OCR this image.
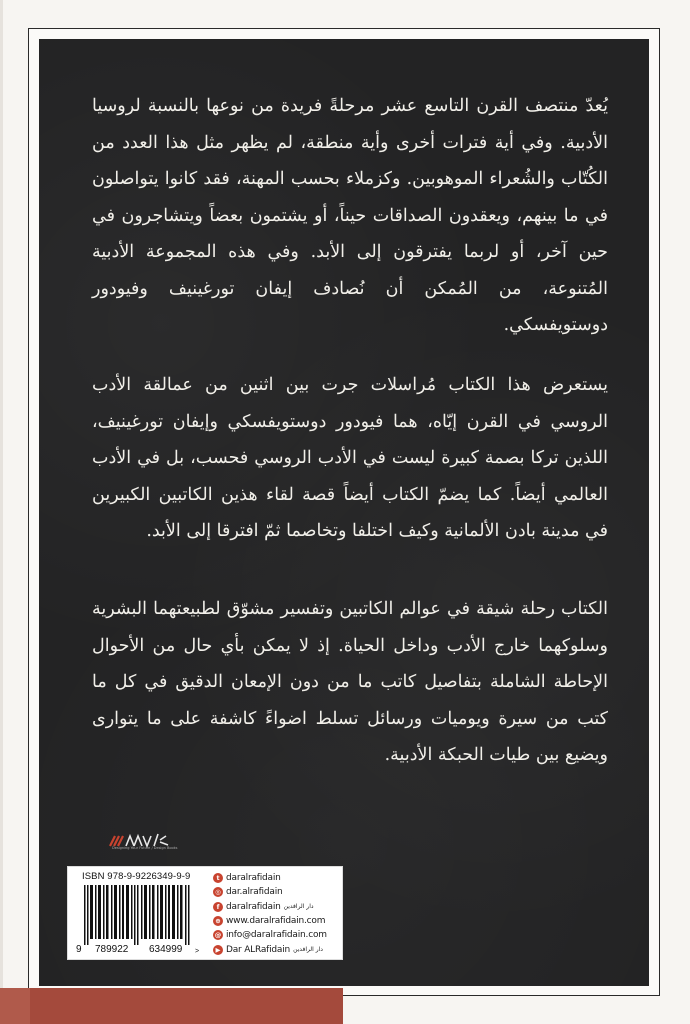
يُعدّ منتصف القرن التاسع عشر مرحلةً فريدة من نوعها بالنسبة لروسيا الأدبية. وفي أية فترات أخرى وأية منطقة، لم يظهر مثل هذا العدد من الكُتّاب والشُعراء الموهوبين. وكزملاء بحسب المهنة، فقد كانوا يتواصلون في ما بينهم، ويعقدون الصداقات حيناً، أو يشتمون بعضاً ويتشاجرون في حين آخر، أو لربما يفترقون إلى الأبد. وفي هذه المجموعة الأدبية المُتنوعة، من المُمكن أن نُصادف إيفان تورغينيف وفيودور دوستويفسكي.

يستعرض هذا الكتاب مُراسلات جرت بين اثنين من عمالقة الأدب الروسي في القرن إيّاه، هما فيودور دوستويفسكي وإيفان تورغينيف، اللذين تركا بصمة كبيرة ليست في الأدب الروسي فحسب، بل في الأدب العالمي أيضاً. كما يضمّ الكتاب أيضاً قصة لقاء هذين الكاتبين الكبيرين في مدينة بادن الألمانية وكيف اختلفا وتخاصما ثمّ افترقا إلى الأبد.

الكتاب رحلة شيقة في عوالم الكاتبين وتفسير مشوّق لطبيعتهما البشرية وسلوكهما خارج الأدب وداخل الحياة. إذ لا يمكن بأي حال من الأحوال الإحاطة الشاملة بتفاصيل كاتب ما من دون الإمعان الدقيق في كل ما كتب من سيرة ويوميات ورسائل تسلط اضواءً كاشفة على ما يتوارى ويضيع بين طيات الحبكة الأدبية.

Designing Your Future / Design Books
ISBN 978-9-9226349-9-9
9 789922 634999 >
t daralrafidain
◎ dar.alrafidain
f daralrafidain دار الرافدين
⊕ www.daralrafidain.com
@ info@daralrafidain.com
▶ Dar ALRafidain دار الرافدين
